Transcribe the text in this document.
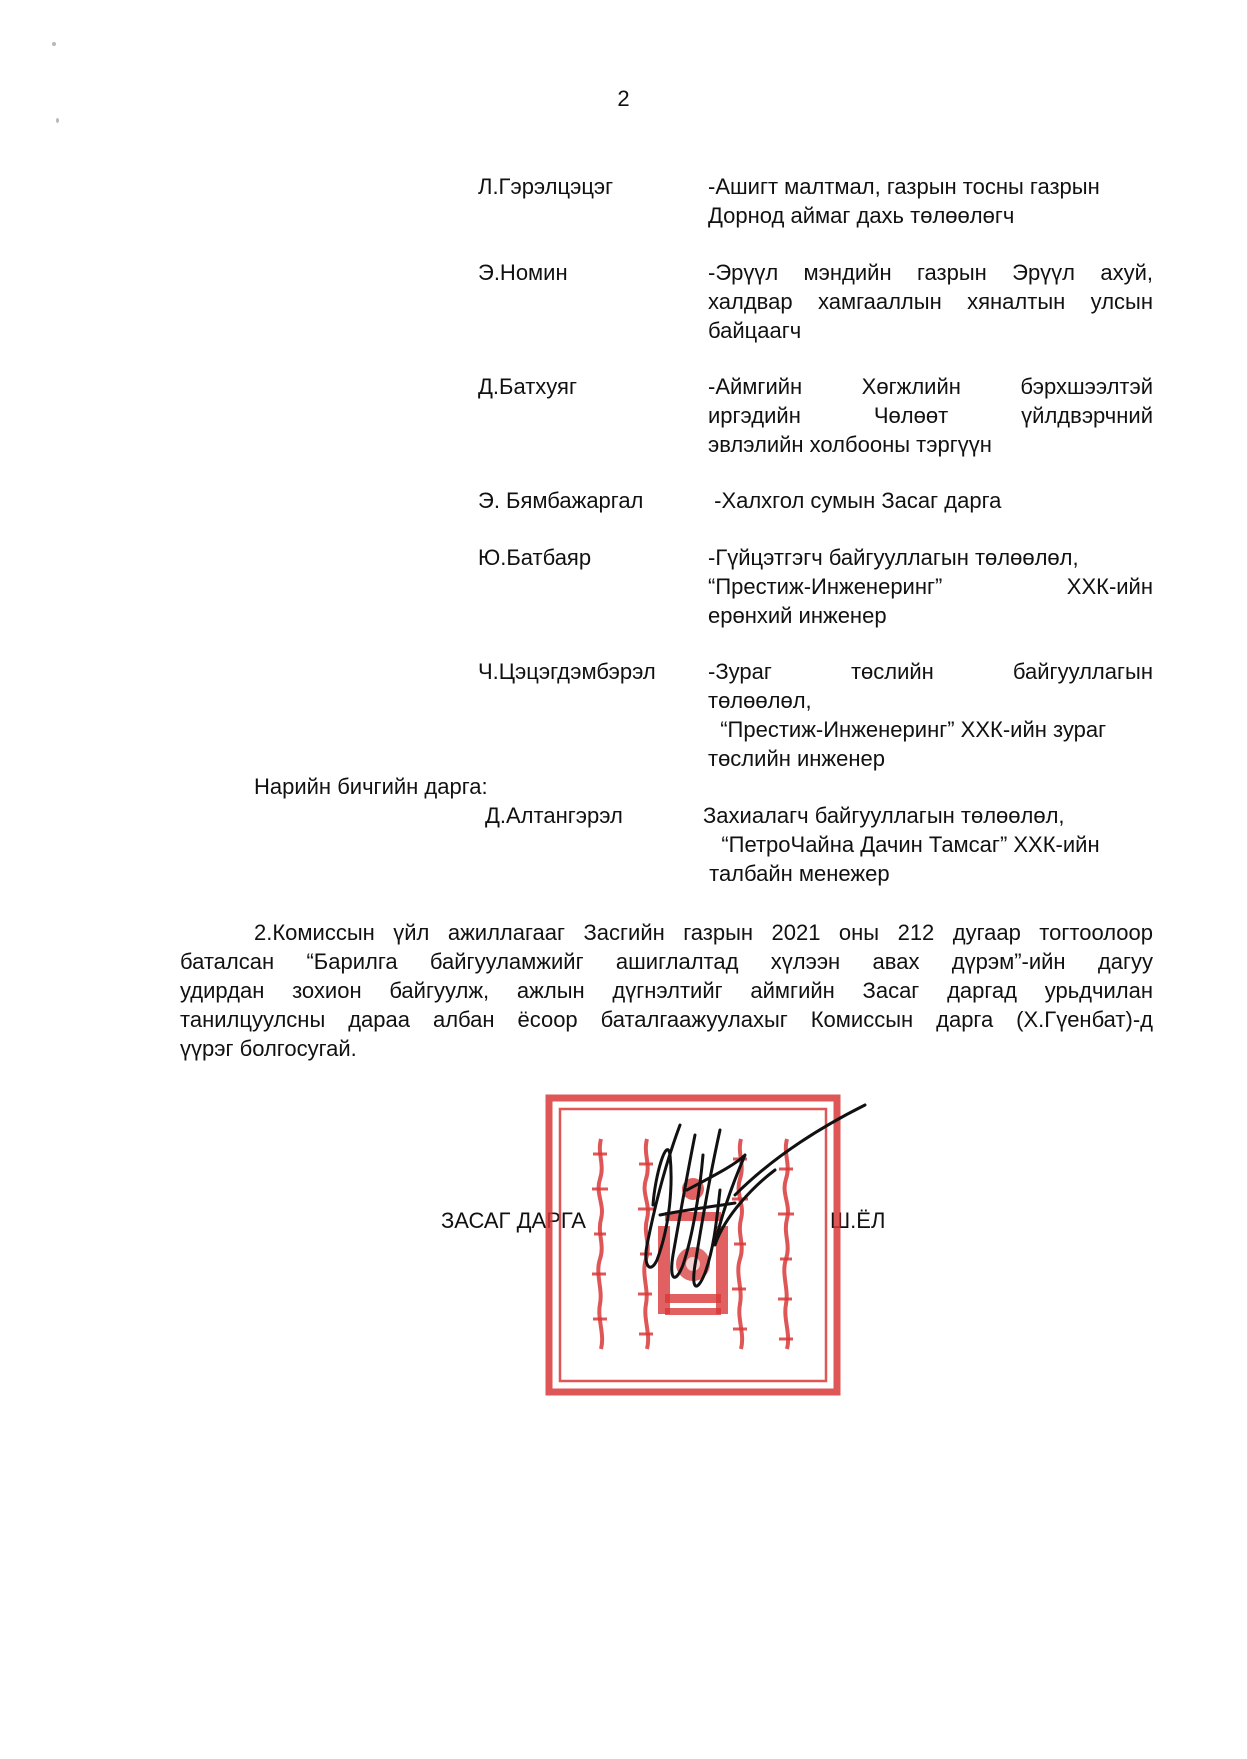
2
Л.Гэрэлцэцэг	-Ашигт малтмал, газрын тосны газрын
Дорнод аймаг дахь төлөөлөгч
Э.Номин	-Эрүүл мэндийн газрын Эрүүл ахуй,
халдвар хамгааллын хяналтын улсын
байцаагч
Д.Батхуяг	-Аймгийн Хөгжлийн бэрхшээлтэй
иргэдийн Чөлөөт үйлдвэрчний
эвлэлийн холбооны тэргүүн
Э. Бямбажаргал	-Халхгол сумын Засаг дарга
Ю.Батбаяр	-Гүйцэтгэгч байгууллагын төлөөлөл,
“Престиж-Инженеринг” ХХК-ийн
ерөнхий инженер
Ч.Цэцэгдэмбэрэл	-Зураг төслийн байгууллагын
төлөөлөл,
“Престиж-Инженеринг” ХХК-ийн зураг
төслийн инженер
Нарийн бичгийн дарга:
Д.Алтангэрэл	Захиалагч байгууллагын төлөөлөл,
“ПетроЧайна Дачин Тамсаг” ХХК-ийн
талбайн менежер
2.Комиссын үйл ажиллагааг Засгийн газрын 2021 оны 212 дугаар тогтоолоор
баталсан “Барилга байгууламжийг ашиглалтад хүлээн авах дүрэм”-ийн дагуу
удирдан зохион байгуулж, ажлын дүгнэлтийг аймгийн Засаг даргад урьдчилан
танилцуулсны дараа албан ёсоор баталгаажуулахыг Комиссын дарга (Х.Гүенбат)-д
үүрэг болгосугай.
ЗАСАГ ДАРГА	Ш.ЁЛ
